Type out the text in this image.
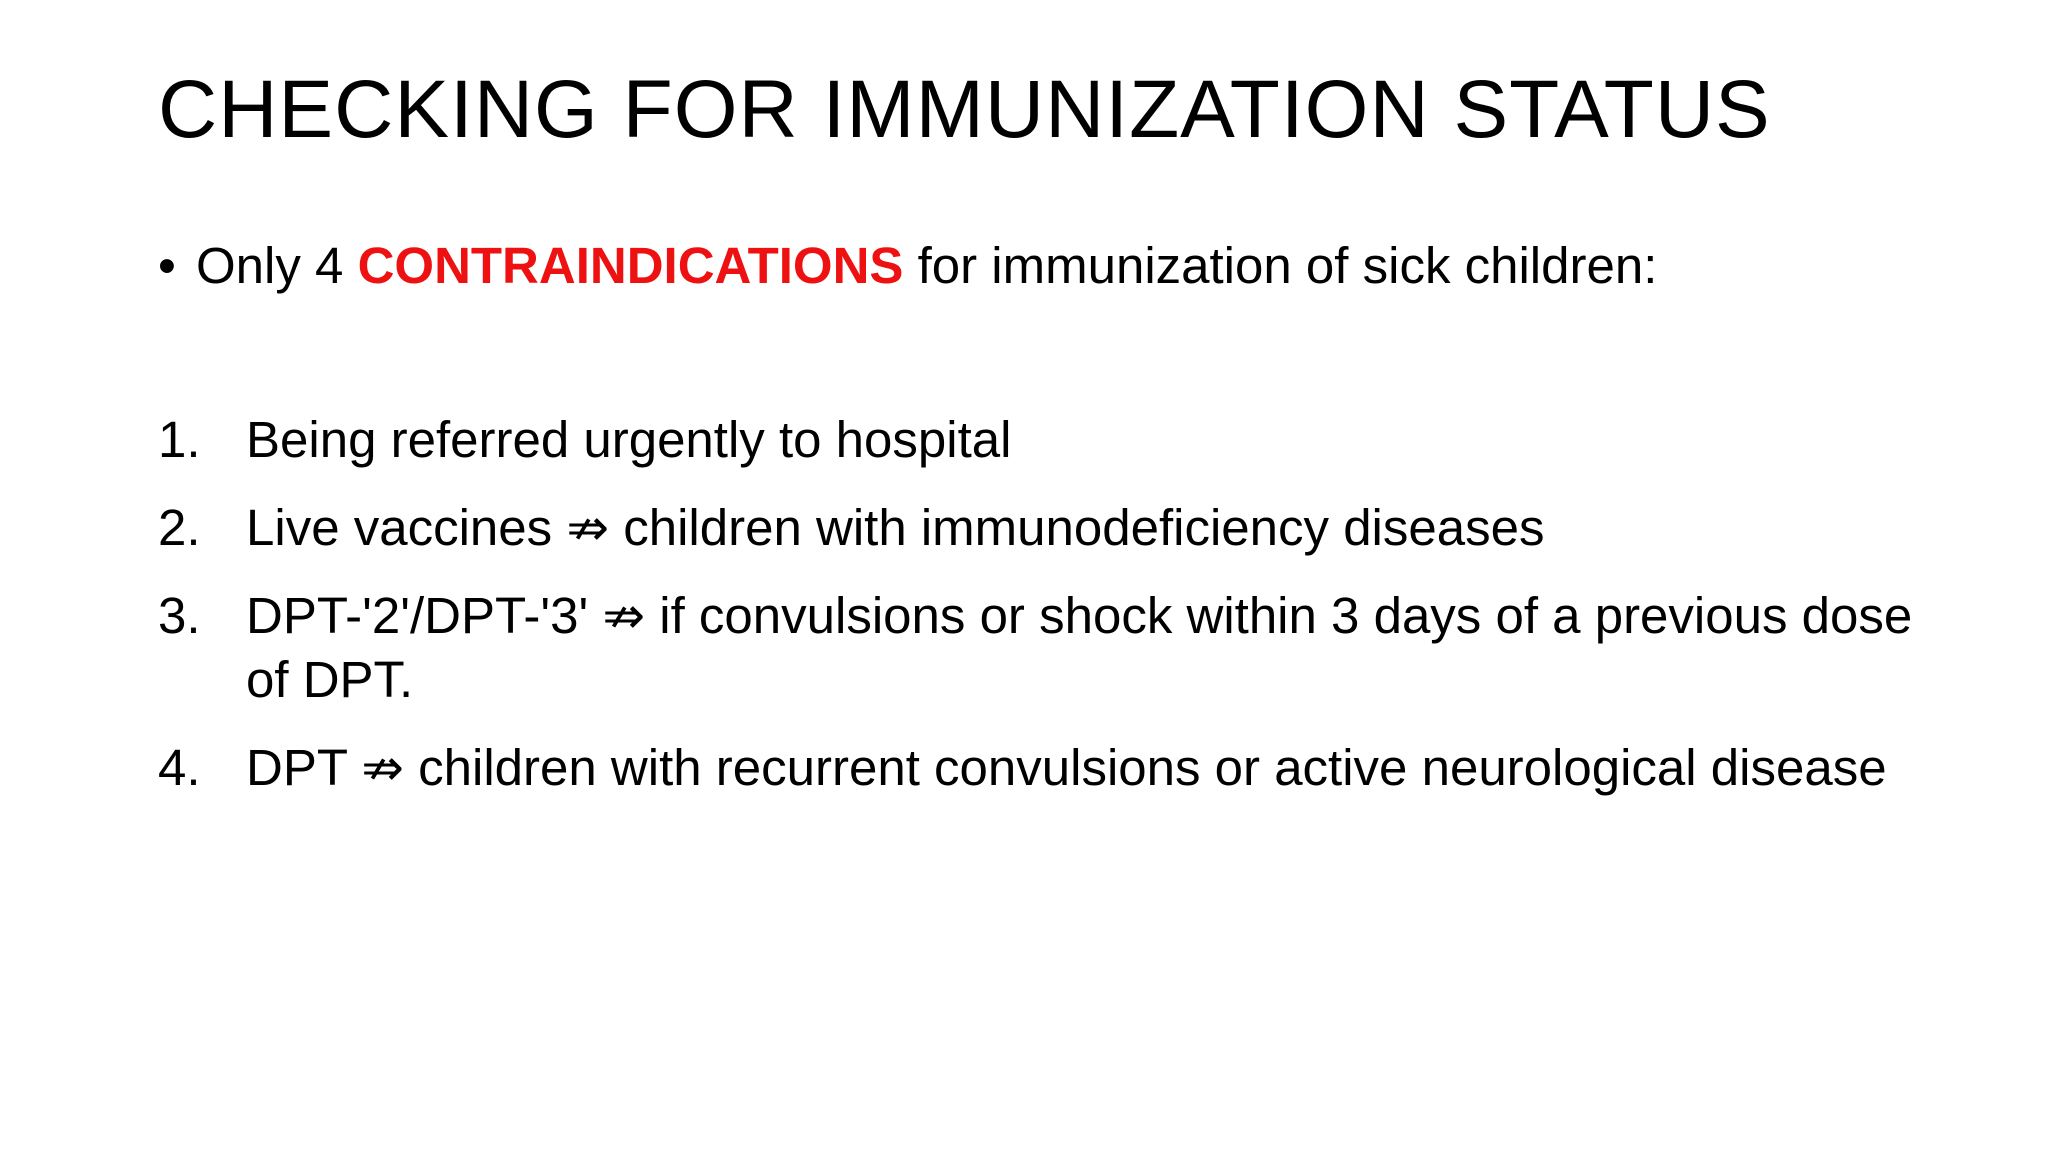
CHECKING FOR IMMUNIZATION STATUS
• Only 4 CONTRAINDICATIONS for immunization of sick children:
1. Being referred urgently to hospital
2. Live vaccines ⇏ children with immunodeficiency diseases
3. DPT-'2'/DPT-'3' ⇏ if convulsions or shock within 3 days of a previous dose of DPT.
4. DPT ⇏ children with recurrent convulsions or active neurological disease
